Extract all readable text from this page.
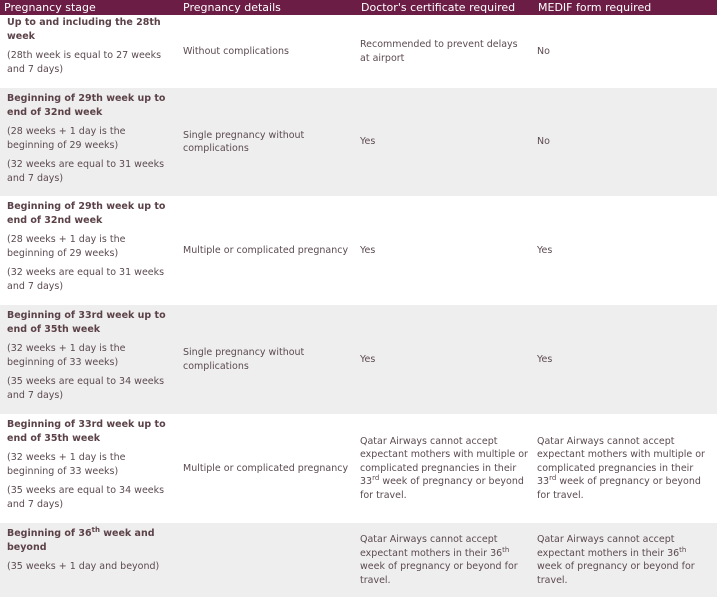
Pregnancy stage	Pregnancy details	Doctor's certificate required	MEDIF form required

Up to and including the 28th week

(28th week is equal to 27 weeks and 7 days)	Without complications	Recommended to prevent delays at airport	No

Beginning of 29th week up to end of 32nd week

(28 weeks + 1 day is the beginning of 29 weeks)

(32 weeks are equal to 31 weeks and 7 days)	Single pregnancy without complications	Yes	No

Beginning of 29th week up to end of 32nd week

(28 weeks + 1 day is the beginning of 29 weeks)

(32 weeks are equal to 31 weeks and 7 days)	Multiple or complicated pregnancy	Yes	Yes

Beginning of 33rd week up to end of 35th week

(32 weeks + 1 day is the beginning of 33 weeks)

(35 weeks are equal to 34 weeks and 7 days)	Single pregnancy without complications	Yes	Yes

Beginning of 33rd week up to end of 35th week

(32 weeks + 1 day is the beginning of 33 weeks)

(35 weeks are equal to 34 weeks and 7 days)	Multiple or complicated pregnancy	Qatar Airways cannot accept expectant mothers with multiple or complicated pregnancies in their 33rd week of pregnancy or beyond for travel.	Qatar Airways cannot accept expectant mothers with multiple or complicated pregnancies in their 33rd week of pregnancy or beyond for travel.

Beginning of 36th week and beyond

(35 weeks + 1 day and beyond)		Qatar Airways cannot accept expectant mothers in their 36th week of pregnancy or beyond for travel.	Qatar Airways cannot accept expectant mothers in their 36th week of pregnancy or beyond for travel.
